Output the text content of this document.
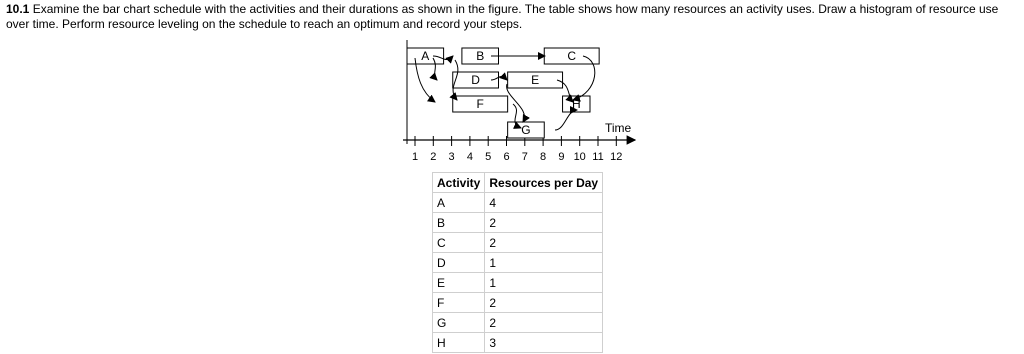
10.1 Examine the bar chart schedule with the activities and their durations as shown in the figure. The table shows how many resources an activity uses. Draw a histogram of resource use over time. Perform resource leveling on the schedule to reach an optimum and record your steps.
1 2 3 4 5 6 7 8 9 10 11 12
A	B	C
D	E
F	H
G	Time
Activity	Resources per Day
A	4
B	2
C	2
D	1
E	1
F	2
G	2
H	3
